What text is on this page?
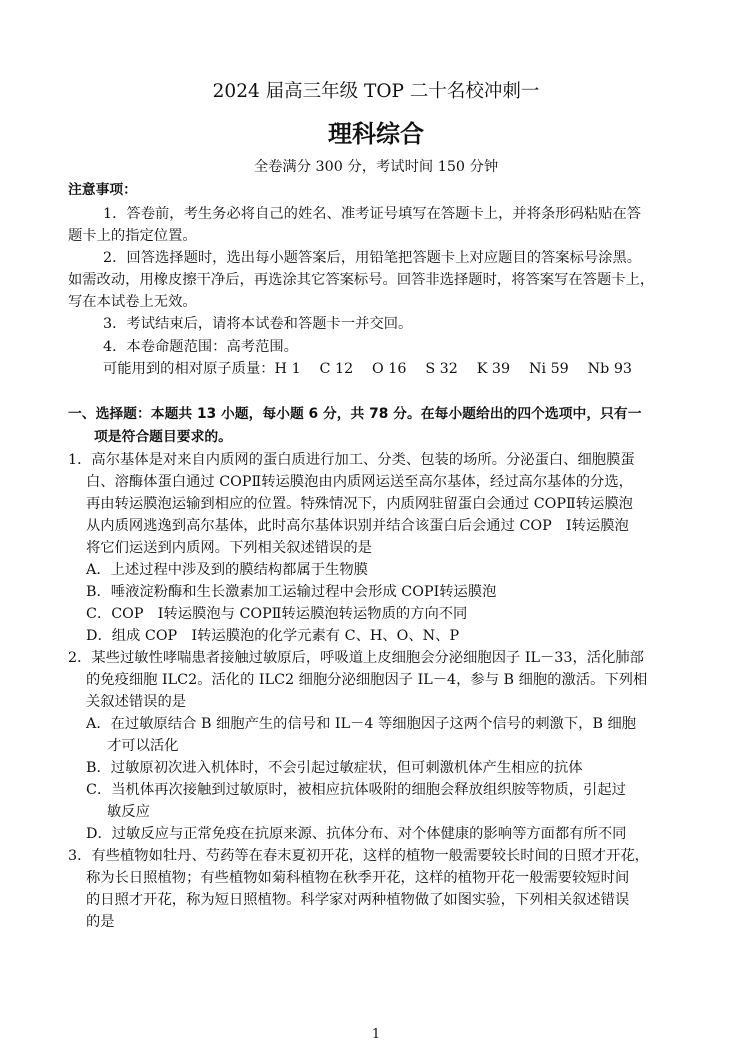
2024 届高三年级 TOP 二十名校冲刺一
理科综合
全卷满分 300 分，考试时间 150 分钟
注意事项：
1．答卷前，考生务必将自己的姓名、准考证号填写在答题卡上，并将条形码粘贴在答
题卡上的指定位置。
2．回答选择题时，选出每小题答案后，用铅笔把答题卡上对应题目的答案标号涂黑。
如需改动，用橡皮擦干净后，再选涂其它答案标号。回答非选择题时，将答案写在答题卡上，
写在本试卷上无效。
3．考试结束后，请将本试卷和答题卡一并交回。
4．本卷命题范围：高考范围。
可能用到的相对原子质量：H 1　 C 12　 O 16　 S 32　 K 39　 Ni 59　 Nb 93
一、选择题：本题共 13 小题，每小题 6 分，共 78 分。在每小题给出的四个选项中，只有一
项是符合题目要求的。
1．高尔基体是对来自内质网的蛋白质进行加工、分类、包装的场所。分泌蛋白、细胞膜蛋
白、溶酶体蛋白通过 COPⅡ转运膜泡由内质网运送至高尔基体，经过高尔基体的分选，
再由转运膜泡运输到相应的位置。特殊情况下，内质网驻留蛋白会通过 COPⅡ转运膜泡
从内质网逃逸到高尔基体，此时高尔基体识别并结合该蛋白后会通过 COP　Ⅰ转运膜泡
将它们运送到内质网。下列相关叙述错误的是
A．上述过程中涉及到的膜结构都属于生物膜
B．唾液淀粉酶和生长激素加工运输过程中会形成 COPⅠ转运膜泡
C．COP　Ⅰ转运膜泡与 COPⅡ转运膜泡转运物质的方向不同
D．组成 COP　Ⅰ转运膜泡的化学元素有 C、H、O、N、P
2．某些过敏性哮喘患者接触过敏原后，呼吸道上皮细胞会分泌细胞因子 IL－33，活化肺部
的免疫细胞 ILC2。活化的 ILC2 细胞分泌细胞因子 IL－4，参与 B 细胞的激活。下列相
关叙述错误的是
A．在过敏原结合 B 细胞产生的信号和 IL－4 等细胞因子这两个信号的刺激下，B 细胞
才可以活化
B．过敏原初次进入机体时，不会引起过敏症状，但可刺激机体产生相应的抗体
C．当机体再次接触到过敏原时，被相应抗体吸附的细胞会释放组织胺等物质，引起过
敏反应
D．过敏反应与正常免疫在抗原来源、抗体分布、对个体健康的影响等方面都有所不同
3．有些植物如牡丹、芍药等在春末夏初开花，这样的植物一般需要较长时间的日照才开花，
称为长日照植物；有些植物如菊科植物在秋季开花，这样的植物开花一般需要较短时间
的日照才开花，称为短日照植物。科学家对两种植物做了如图实验，下列相关叙述错误
的是
1
